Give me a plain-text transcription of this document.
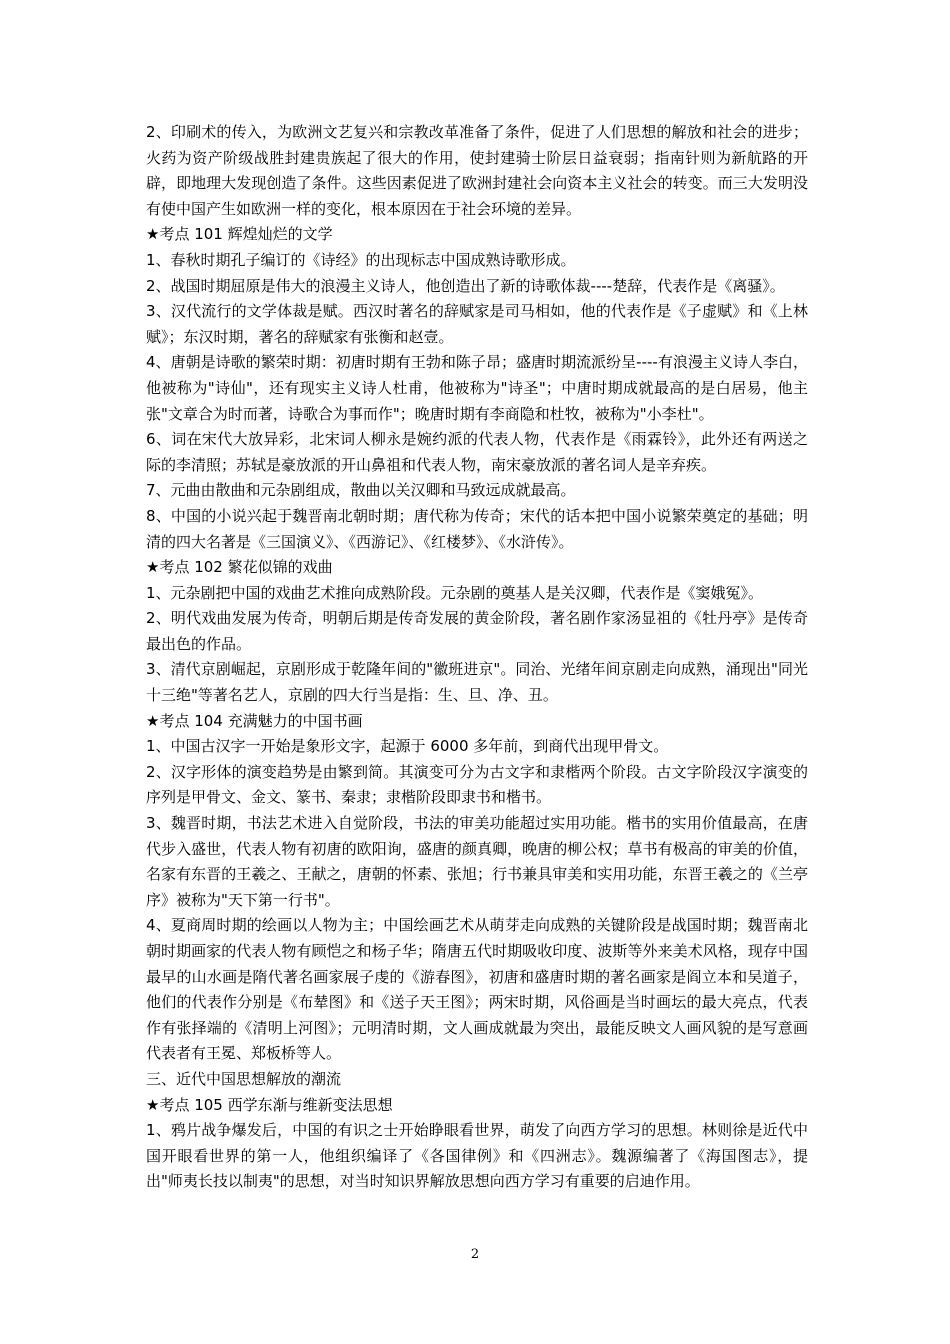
2、印刷术的传入，为欧洲文艺复兴和宗教改革准备了条件，促进了人们思想的解放和社会的进步；火药为资产阶级战胜封建贵族起了很大的作用，使封建骑士阶层日益衰弱；指南针则为新航路的开辟，即地理大发现创造了条件。这些因素促进了欧洲封建社会向资本主义社会的转变。而三大发明没有使中国产生如欧洲一样的变化，根本原因在于社会环境的差异。

★考点 101 辉煌灿烂的文学

1、春秋时期孔子编订的《诗经》的出现标志中国成熟诗歌形成。

2、战国时期屈原是伟大的浪漫主义诗人，他创造出了新的诗歌体裁----楚辞，代表作是《离骚》。

3、汉代流行的文学体裁是赋。西汉时著名的辞赋家是司马相如，他的代表作是《子虚赋》和《上林赋》；东汉时期，著名的辞赋家有张衡和赵壹。

4、唐朝是诗歌的繁荣时期：初唐时期有王勃和陈子昂；盛唐时期流派纷呈----有浪漫主义诗人李白，他被称为"诗仙"，还有现实主义诗人杜甫，他被称为"诗圣"；中唐时期成就最高的是白居易，他主张"文章合为时而著，诗歌合为事而作"；晚唐时期有李商隐和杜牧，被称为"小李杜"。

6、词在宋代大放异彩，北宋词人柳永是婉约派的代表人物，代表作是《雨霖铃》，此外还有两送之际的李清照；苏轼是豪放派的开山鼻祖和代表人物，南宋豪放派的著名词人是辛弃疾。

7、元曲由散曲和元杂剧组成，散曲以关汉卿和马致远成就最高。

8、中国的小说兴起于魏晋南北朝时期；唐代称为传奇；宋代的话本把中国小说繁荣奠定的基础；明清的四大名著是《三国演义》、《西游记》、《红楼梦》、《水浒传》。

★考点 102 繁花似锦的戏曲

1、元杂剧把中国的戏曲艺术推向成熟阶段。元杂剧的奠基人是关汉卿，代表作是《窦娥冤》。

2、明代戏曲发展为传奇，明朝后期是传奇发展的黄金阶段，著名剧作家汤显祖的《牡丹亭》是传奇最出色的作品。

3、清代京剧崛起，京剧形成于乾隆年间的"徽班进京"。同治、光绪年间京剧走向成熟，涌现出"同光十三绝"等著名艺人，京剧的四大行当是指：生、旦、净、丑。

★考点 104 充满魅力的中国书画

1、中国古汉字一开始是象形文字，起源于 6000 多年前，到商代出现甲骨文。

2、汉字形体的演变趋势是由繁到简。其演变可分为古文字和隶楷两个阶段。古文字阶段汉字演变的序列是甲骨文、金文、篆书、秦隶；隶楷阶段即隶书和楷书。

3、魏晋时期，书法艺术进入自觉阶段，书法的审美功能超过实用功能。楷书的实用价值最高，在唐代步入盛世，代表人物有初唐的欧阳询，盛唐的颜真卿，晚唐的柳公权；草书有极高的审美的价值，名家有东晋的王羲之、王献之，唐朝的怀素、张旭；行书兼具审美和实用功能，东晋王羲之的《兰亭序》被称为"天下第一行书"。

4、夏商周时期的绘画以人物为主；中国绘画艺术从萌芽走向成熟的关键阶段是战国时期；魏晋南北朝时期画家的代表人物有顾恺之和杨子华；隋唐五代时期吸收印度、波斯等外来美术风格，现存中国最早的山水画是隋代著名画家展子虔的《游春图》，初唐和盛唐时期的著名画家是阎立本和吴道子，他们的代表作分别是《布辇图》和《送子天王图》；两宋时期，风俗画是当时画坛的最大亮点，代表作有张择端的《清明上河图》；元明清时期，文人画成就最为突出，最能反映文人画风貌的是写意画代表者有王冕、郑板桥等人。

三、近代中国思想解放的潮流

★考点 105 西学东渐与维新变法思想

1、鸦片战争爆发后，中国的有识之士开始睁眼看世界，萌发了向西方学习的思想。林则徐是近代中国开眼看世界的第一人，他组织编译了《各国律例》和《四洲志》。魏源编著了《海国图志》，提出"师夷长技以制夷"的思想，对当时知识界解放思想向西方学习有重要的启迪作用。

2
